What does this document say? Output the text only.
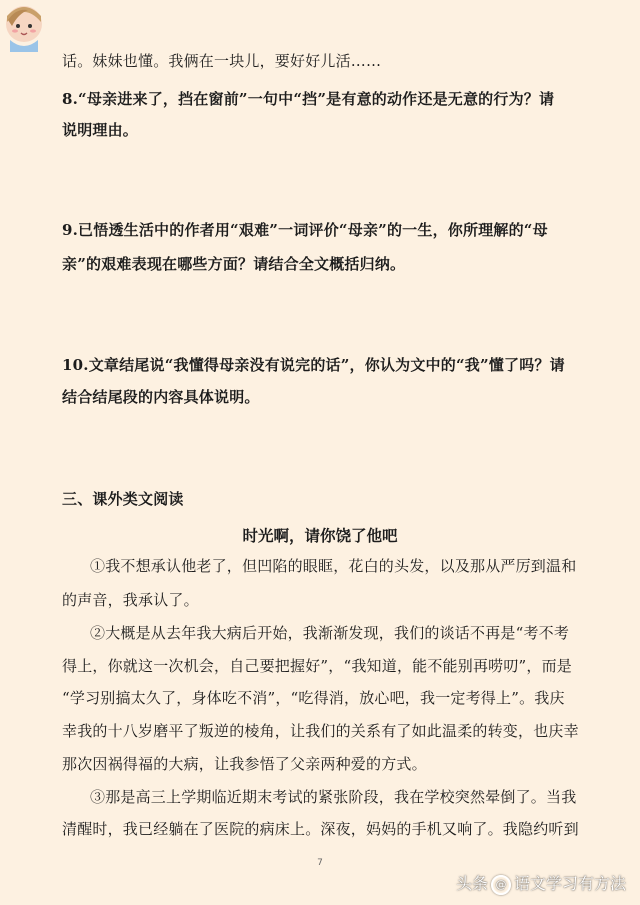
话。妹妹也懂。我俩在一块儿，要好好儿活……
8.“母亲进来了，挡在窗前”一句中“挡”是有意的动作还是无意的行为？请
说明理由。
9.已悟透生活中的作者用“艰难”一词评价“母亲”的一生，你所理解的“母
亲”的艰难表现在哪些方面？请结合全文概括归纳。
10.文章结尾说“我懂得母亲没有说完的话”，你认为文中的“我”懂了吗？请
结合结尾段的内容具体说明。
三、课外类文阅读
时光啊，请你饶了他吧
①我不想承认他老了，但凹陷的眼眶，花白的头发，以及那从严厉到温和
的声音，我承认了。
②大概是从去年我大病后开始，我渐渐发现，我们的谈话不再是“考不考
得上，你就这一次机会，自己要把握好”，“我知道，能不能别再唠叨”，而是
“学习别搞太久了，身体吃不消”，“吃得消，放心吧，我一定考得上”。我庆
幸我的十八岁磨平了叛逆的棱角，让我们的关系有了如此温柔的转变，也庆幸
那次因祸得福的大病，让我参悟了父亲两种爱的方式。
③那是高三上学期临近期末考试的紧张阶段，我在学校突然晕倒了。当我
清醒时，我已经躺在了医院的病床上。深夜，妈妈的手机又响了。我隐约听到
7
头条 @ 语文学习有方法
